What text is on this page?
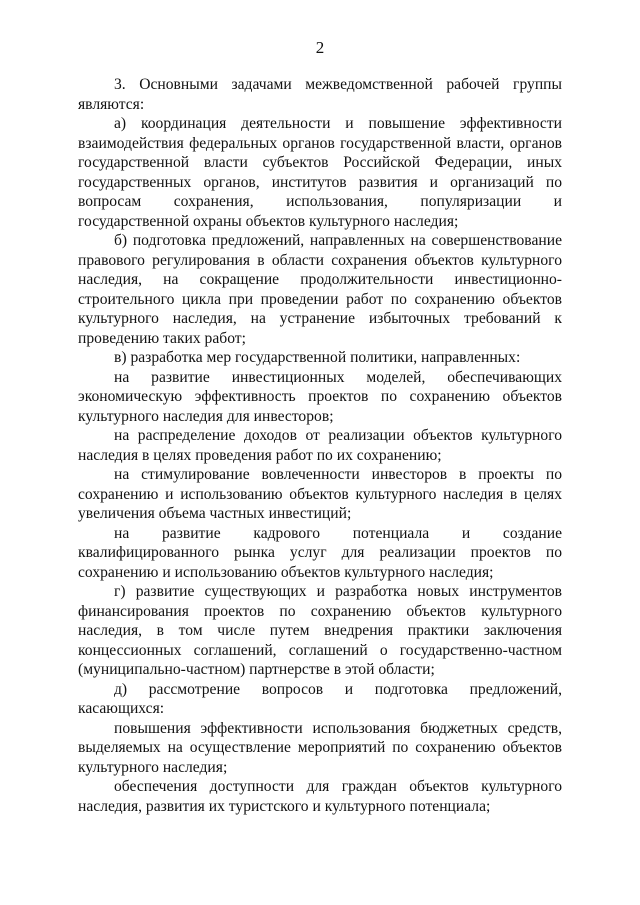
2

3. Основными задачами межведомственной рабочей группы являются:

а) координация деятельности и повышение эффективности взаимодействия федеральных органов государственной власти, органов государственной власти субъектов Российской Федерации, иных государственных органов, институтов развития и организаций по вопросам сохранения, использования, популяризации и государственной охраны объектов культурного наследия;

б) подготовка предложений, направленных на совершенствование правового регулирования в области сохранения объектов культурного наследия, на сокращение продолжительности инвестиционно-строительного цикла при проведении работ по сохранению объектов культурного наследия, на устранение избыточных требований к проведению таких работ;

в) разработка мер государственной политики, направленных:

на развитие инвестиционных моделей, обеспечивающих экономическую эффективность проектов по сохранению объектов культурного наследия для инвесторов;

на распределение доходов от реализации объектов культурного наследия в целях проведения работ по их сохранению;

на стимулирование вовлеченности инвесторов в проекты по сохранению и использованию объектов культурного наследия в целях увеличения объема частных инвестиций;

на развитие кадрового потенциала и создание квалифицированного рынка услуг для реализации проектов по сохранению и использованию объектов культурного наследия;

г) развитие существующих и разработка новых инструментов финансирования проектов по сохранению объектов культурного наследия, в том числе путем внедрения практики заключения концессионных соглашений, соглашений о государственно-частном (муниципально-частном) партнерстве в этой области;

д) рассмотрение вопросов и подготовка предложений, касающихся:

повышения эффективности использования бюджетных средств, выделяемых на осуществление мероприятий по сохранению объектов культурного наследия;

обеспечения доступности для граждан объектов культурного наследия, развития их туристского и культурного потенциала;
